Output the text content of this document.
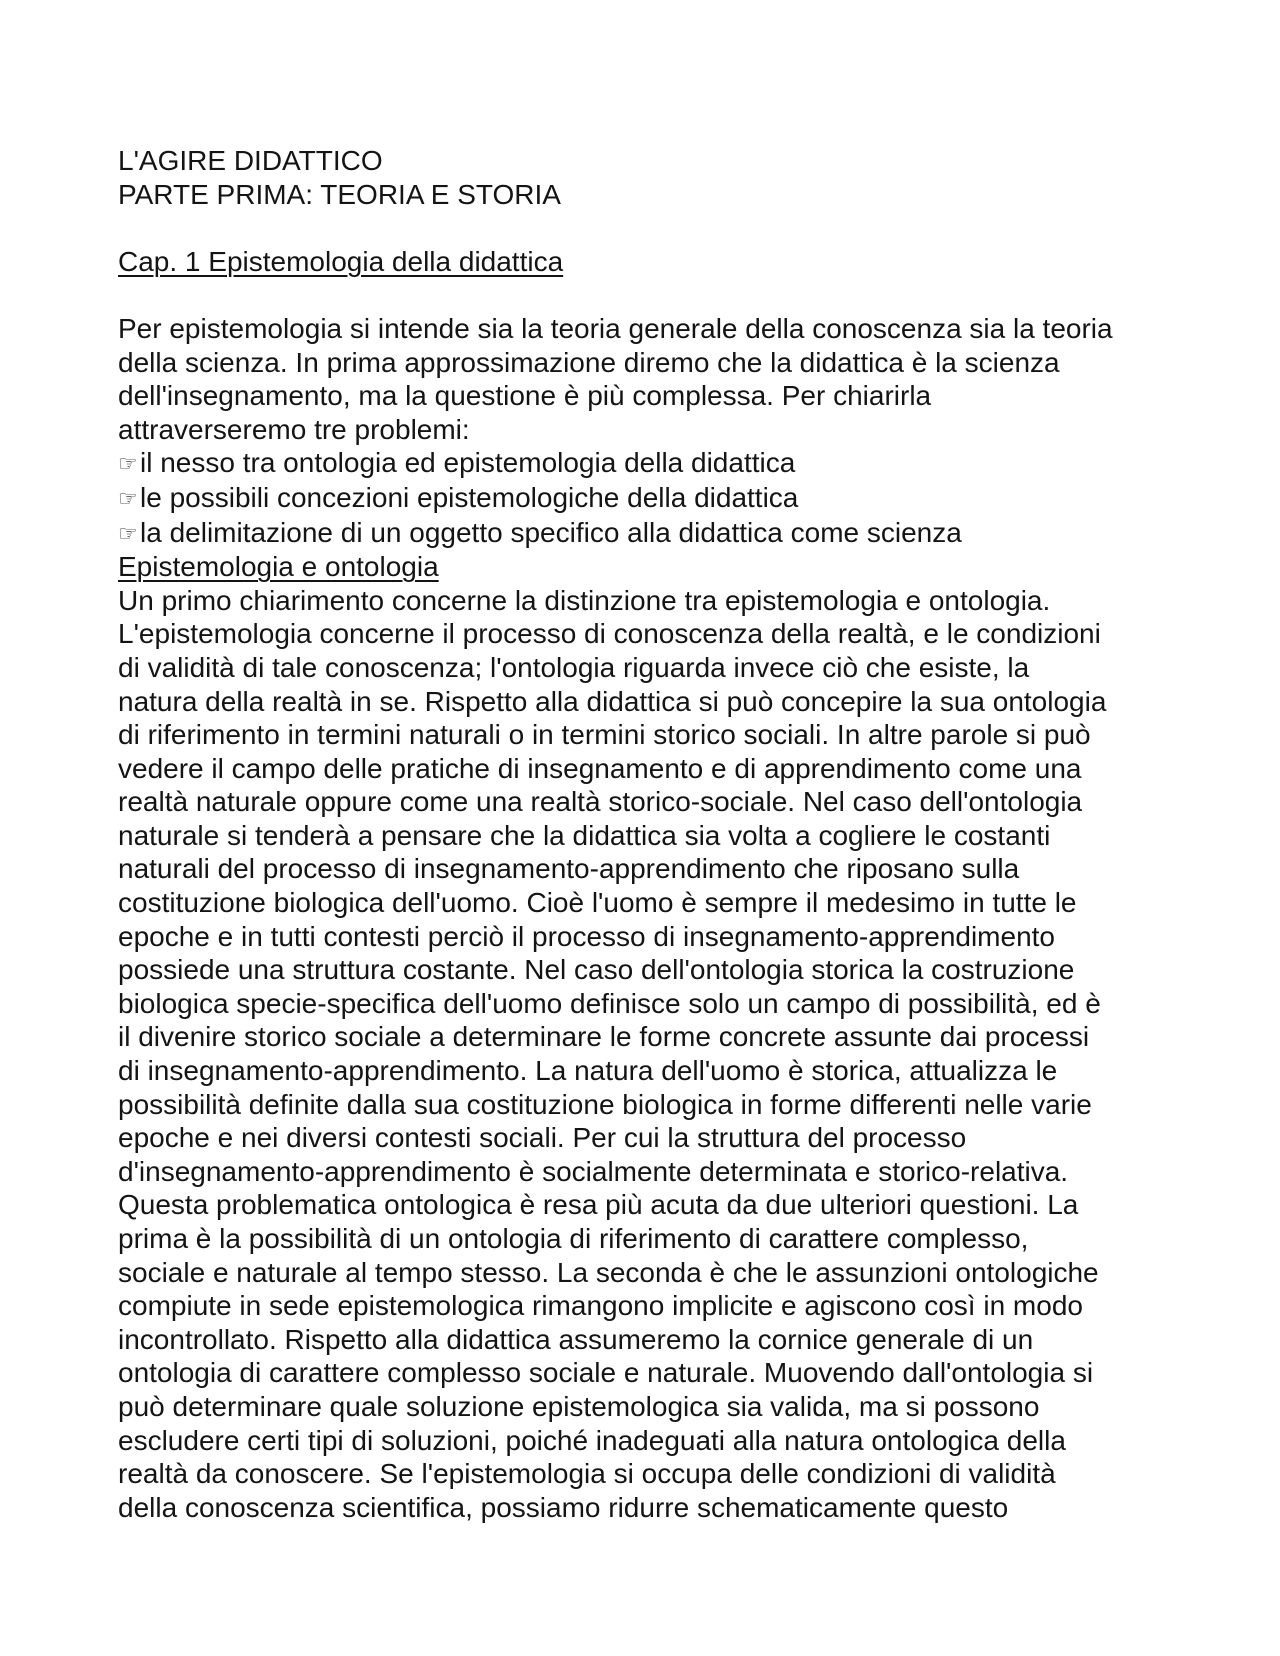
L'AGIRE DIDATTICO
PARTE PRIMA: TEORIA E STORIA
Cap. 1 Epistemologia della didattica
Per epistemologia si intende sia la teoria generale della conoscenza sia la teoria
della scienza. In prima approssimazione diremo che la didattica è la scienza
dell'insegnamento, ma la questione è più complessa. Per chiarirla
attraverseremo tre problemi:
☞il nesso tra ontologia ed epistemologia della didattica
☞le possibili concezioni epistemologiche della didattica
☞la delimitazione di un oggetto specifico alla didattica come scienza
Epistemologia e ontologia
Un primo chiarimento concerne la distinzione tra epistemologia e ontologia.
L'epistemologia concerne il processo di conoscenza della realtà, e le condizioni
di validità di tale conoscenza; l'ontologia riguarda invece ciò che esiste, la
natura della realtà in se. Rispetto alla didattica si può concepire la sua ontologia
di riferimento in termini naturali o in termini storico sociali. In altre parole si può
vedere il campo delle pratiche di insegnamento e di apprendimento come una
realtà naturale oppure come una realtà storico-sociale. Nel caso dell'ontologia
naturale si tenderà a pensare che la didattica sia volta a cogliere le costanti
naturali del processo di insegnamento-apprendimento che riposano sulla
costituzione biologica dell'uomo. Cioè l'uomo è sempre il medesimo in tutte le
epoche e in tutti contesti perciò il processo di insegnamento-apprendimento
possiede una struttura costante. Nel caso dell'ontologia storica la costruzione
biologica specie-specifica dell'uomo definisce solo un campo di possibilità, ed è
il divenire storico sociale a determinare le forme concrete assunte dai processi
di insegnamento-apprendimento. La natura dell'uomo è storica, attualizza le
possibilità definite dalla sua costituzione biologica in forme differenti nelle varie
epoche e nei diversi contesti sociali. Per cui la struttura del processo
d'insegnamento-apprendimento è socialmente determinata e storico-relativa.
Questa problematica ontologica è resa più acuta da due ulteriori questioni. La
prima è la possibilità di un ontologia di riferimento di carattere complesso,
sociale e naturale al tempo stesso. La seconda è che le assunzioni ontologiche
compiute in sede epistemologica rimangono implicite e agiscono così in modo
incontrollato. Rispetto alla didattica assumeremo la cornice generale di un
ontologia di carattere complesso sociale e naturale. Muovendo dall'ontologia si
può determinare quale soluzione epistemologica sia valida, ma si possono
escludere certi tipi di soluzioni, poiché inadeguati alla natura ontologica della
realtà da conoscere. Se l'epistemologia si occupa delle condizioni di validità
della conoscenza scientifica, possiamo ridurre schematicamente questo
